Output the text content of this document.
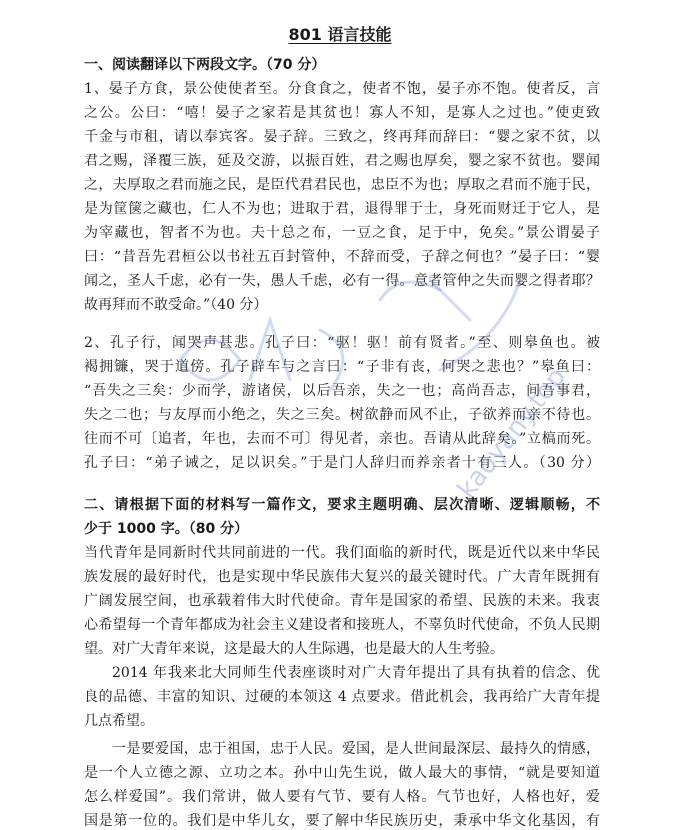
801 语言技能
一、阅读翻译以下两段文字。（70 分）
1、晏子方食，景公使使者至。分食食之，使者不饱，晏子亦不饱。使者反，言
之公。公曰：“嘻！晏子之家若是其贫也！寡人不知，是寡人之过也。”使吏致
千金与市租，请以奉宾客。晏子辞。三致之，终再拜而辞曰：“婴之家不贫，以
君之赐，泽覆三族，延及交游，以振百姓，君之赐也厚矣，婴之家不贫也。婴闻
之，夫厚取之君而施之民，是臣代君君民也，忠臣不为也；厚取之君而不施于民，
是为筐箧之藏也，仁人不为也；进取于君，退得罪于士，身死而财迁于它人，是
为宰藏也，智者不为也。夫十总之布，一豆之食，足于中，免矣。”景公谓晏子
曰：“昔吾先君桓公以书社五百封管仲，不辞而受，子辞之何也？”晏子曰：“婴
闻之，圣人千虑，必有一失，愚人千虑，必有一得。意者管仲之失而婴之得者耶？
故再拜而不敢受命。”（40 分）
2、孔子行，闻哭声甚悲。孔子曰：“驱！驱！前有贤者。”至、则皋鱼也。被
褐拥镰，哭于道傍。孔子辟车与之言曰：“子非有丧，何哭之悲也？”皋鱼曰：
“吾失之三矣：少而学，游诸侯，以后吾亲，失之一也；高尚吾志，间吾事君，
失之二也；与友厚而小绝之，失之三矣。树欲静而风不止，子欲养而亲不待也。
往而不可〔追者，年也，去而不可〕得见者，亲也。吾请从此辞矣。”立槁而死。
孔子曰：“弟子诫之，足以识矣。”于是门人辞归而养亲者十有三人。（30 分）
二、请根据下面的材料写一篇作文，要求主题明确、层次清晰、逻辑顺畅，不
少于 1000 字。（80 分）
当代青年是同新时代共同前进的一代。我们面临的新时代，既是近代以来中华民
族发展的最好时代，也是实现中华民族伟大复兴的最关键时代。广大青年既拥有
广阔发展空间，也承载着伟大时代使命。青年是国家的希望、民族的未来。我衷
心希望每一个青年都成为社会主义建设者和接班人，不辜负时代使命，不负人民期
望。对广大青年来说，这是最大的人生际遇，也是最大的人生考验。
2014 年我来北大同师生代表座谈时对广大青年提出了具有执着的信念、优
良的品德、丰富的知识、过硬的本领这 4 点要求。借此机会，我再给广大青年提
几点希望。
一是要爱国，忠于祖国，忠于人民。爱国，是人世间最深层、最持久的情感，
是一个人立德之源、立功之本。孙中山先生说，做人最大的事情，“就是要知道
怎么样爱国”。我们常讲，做人要有气节、要有人格。气节也好，人格也好，爱
国是第一位的。我们是中华儿女，要了解中华民族历史，秉承中华文化基因，有
kaoyany.top
